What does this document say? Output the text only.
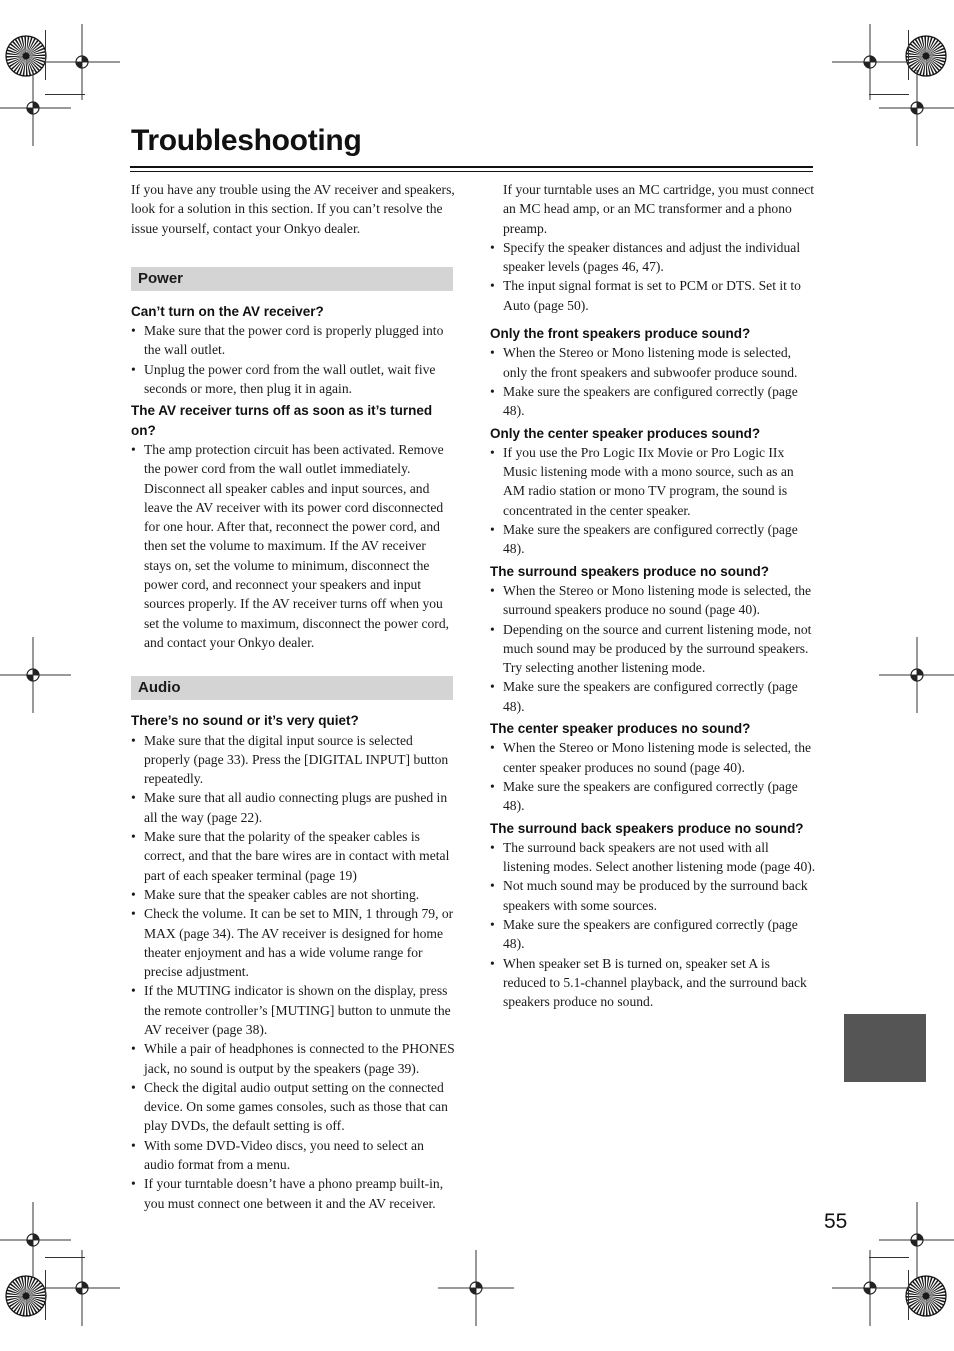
Troubleshooting

If you have any trouble using the AV receiver and speakers, look for a solution in this section. If you can’t resolve the issue yourself, contact your Onkyo dealer.

Power
Can’t turn on the AV receiver?
• Make sure that the power cord is properly plugged into the wall outlet.
• Unplug the power cord from the wall outlet, wait five seconds or more, then plug it in again.
The AV receiver turns off as soon as it’s turned on?
• The amp protection circuit has been activated. Remove the power cord from the wall outlet immediately. Disconnect all speaker cables and input sources, and leave the AV receiver with its power cord disconnected for one hour. After that, reconnect the power cord, and then set the volume to maximum. If the AV receiver stays on, set the volume to minimum, disconnect the power cord, and reconnect your speakers and input sources properly. If the AV receiver turns off when you set the volume to maximum, disconnect the power cord, and contact your Onkyo dealer.
Audio
There’s no sound or it’s very quiet?
• Make sure that the digital input source is selected properly (page 33). Press the [DIGITAL INPUT] button repeatedly.
• Make sure that all audio connecting plugs are pushed in all the way (page 22).
• Make sure that the polarity of the speaker cables is correct, and that the bare wires are in contact with metal part of each speaker terminal (page 19)
• Make sure that the speaker cables are not shorting.
• Check the volume. It can be set to MIN, 1 through 79, or MAX (page 34). The AV receiver is designed for home theater enjoyment and has a wide volume range for precise adjustment.
• If the MUTING indicator is shown on the display, press the remote controller’s [MUTING] button to unmute the AV receiver (page 38).
• While a pair of headphones is connected to the PHONES jack, no sound is output by the speakers (page 39).
• Check the digital audio output setting on the connected device. On some games consoles, such as those that can play DVDs, the default setting is off.
• With some DVD-Video discs, you need to select an audio format from a menu.
• If your turntable doesn’t have a phono preamp built-in, you must connect one between it and the AV receiver.

If your turntable uses an MC cartridge, you must connect an MC head amp, or an MC transformer and a phono preamp.

• Specify the speaker distances and adjust the individual speaker levels (pages 46, 47).
• The input signal format is set to PCM or DTS. Set it to Auto (page 50).
Only the front speakers produce sound?
• When the Stereo or Mono listening mode is selected, only the front speakers and subwoofer produce sound.
• Make sure the speakers are configured correctly (page 48).
Only the center speaker produces sound?
• If you use the Pro Logic IIx Movie or Pro Logic IIx Music listening mode with a mono source, such as an AM radio station or mono TV program, the sound is concentrated in the center speaker.
• Make sure the speakers are configured correctly (page 48).
The surround speakers produce no sound?
• When the Stereo or Mono listening mode is selected, the surround speakers produce no sound (page 40).
• Depending on the source and current listening mode, not much sound may be produced by the surround speakers. Try selecting another listening mode.
• Make sure the speakers are configured correctly (page 48).
The center speaker produces no sound?
• When the Stereo or Mono listening mode is selected, the center speaker produces no sound (page 40).
• Make sure the speakers are configured correctly (page 48).
The surround back speakers produce no sound?
• The surround back speakers are not used with all listening modes. Select another listening mode (page 40).
• Not much sound may be produced by the surround back speakers with some sources.
• Make sure the speakers are configured correctly (page 48).
• When speaker set B is turned on, speaker set A is reduced to 5.1-channel playback, and the surround back speakers produce no sound.
55
